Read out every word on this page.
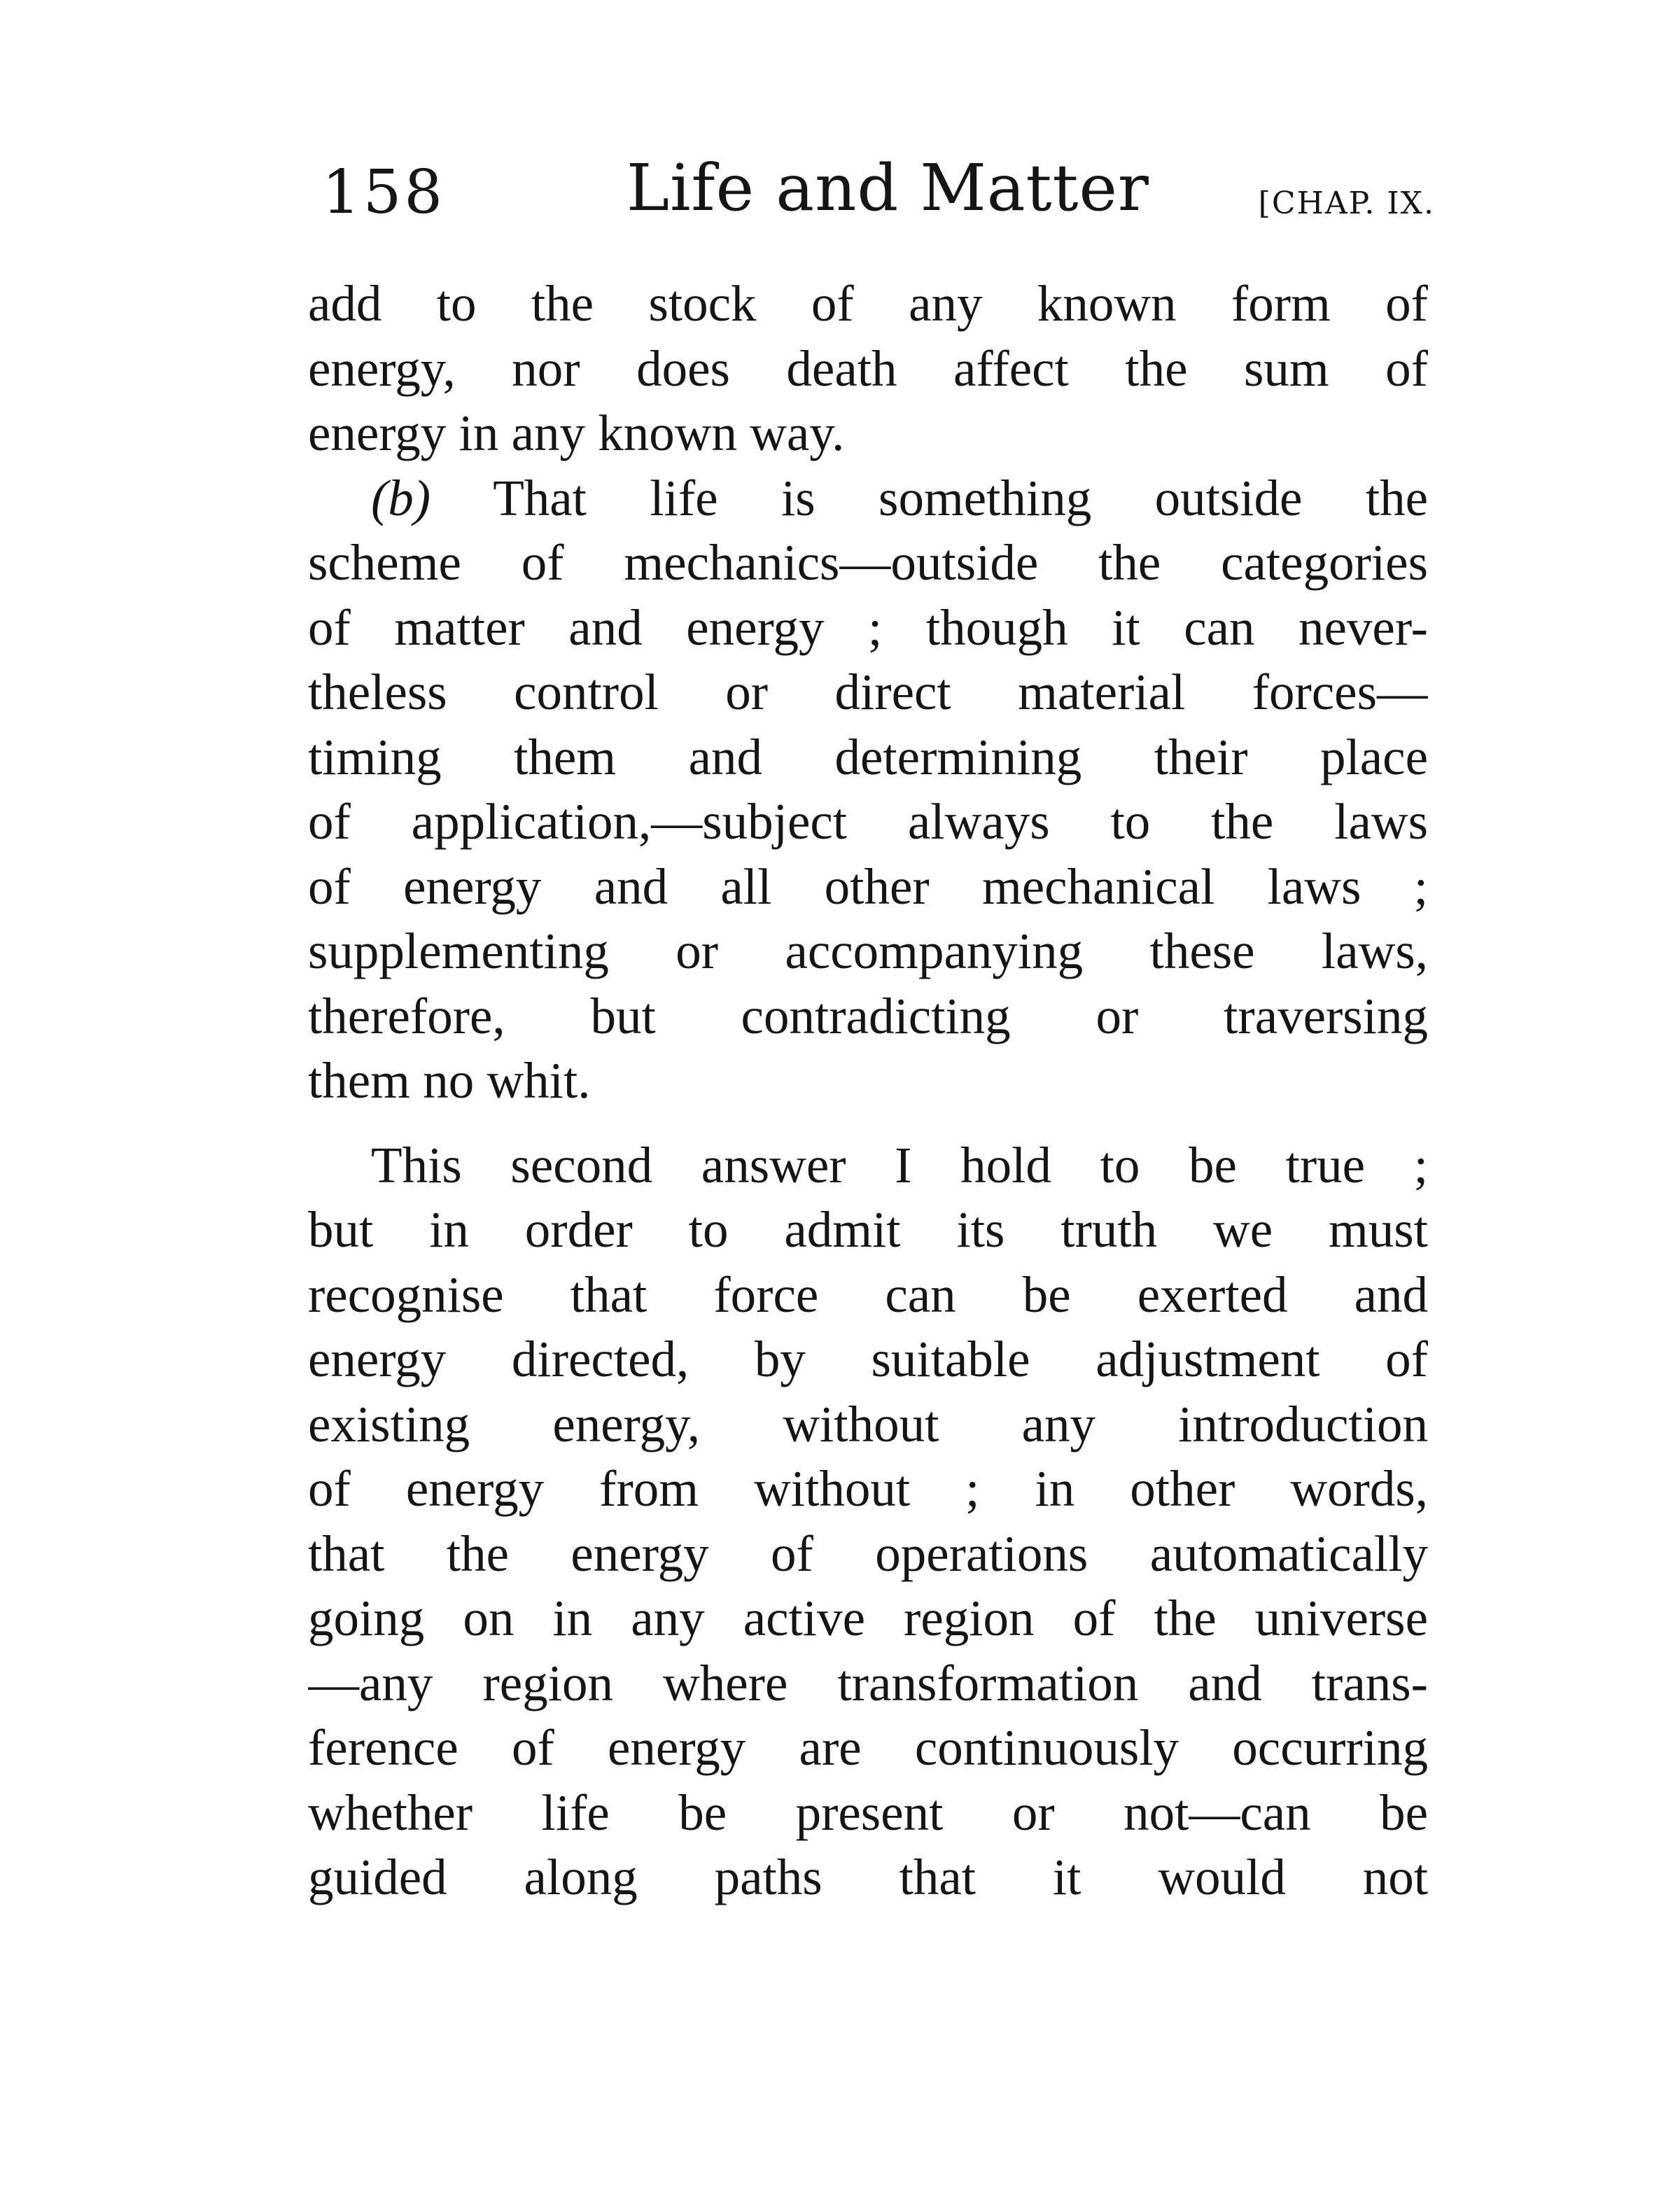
158	Life and Matter	[CHAP. IX.
add to the stock of any known form of
energy, nor does death affect the sum of
energy in any known way.
(b) That life is something outside the
scheme of mechanics—outside the categories
of matter and energy ; though it can never-
theless control or direct material forces—
timing them and determining their place
of application,—subject always to the laws
of energy and all other mechanical laws ;
supplementing or accompanying these laws,
therefore, but contradicting or traversing
them no whit.
This second answer I hold to be true ;
but in order to admit its truth we must
recognise that force can be exerted and
energy directed, by suitable adjustment of
existing energy, without any introduction
of energy from without ; in other words,
that the energy of operations automatically
going on in any active region of the universe
—any region where transformation and trans-
ference of energy are continuously occurring
whether life be present or not—can be
guided along paths that it would not
